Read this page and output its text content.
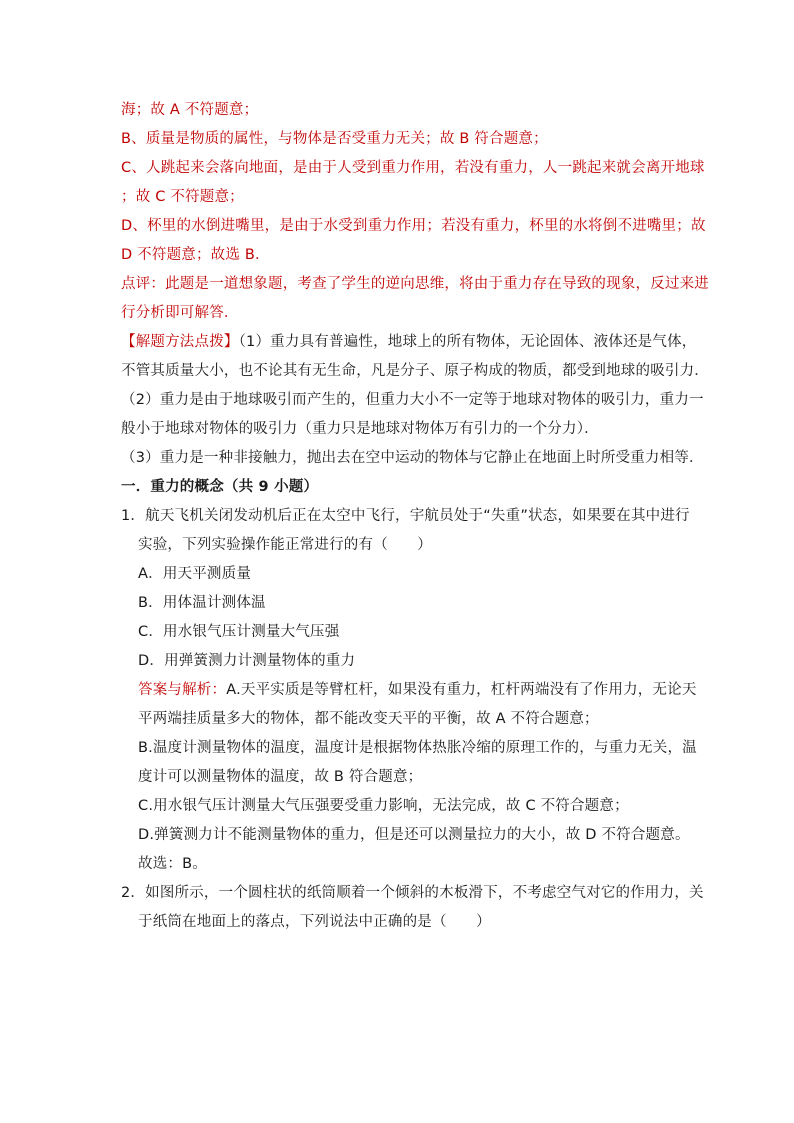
海；故 A 不符题意；
B、质量是物质的属性，与物体是否受重力无关；故 B 符合题意；
C、人跳起来会落向地面，是由于人受到重力作用，若没有重力，人一跳起来就会离开地球
；故 C 不符题意；
D、杯里的水倒进嘴里，是由于水受到重力作用；若没有重力，杯里的水将倒不进嘴里；故
D 不符题意；故选 B．
点评：此题是一道想象题，考查了学生的逆向思维，将由于重力存在导致的现象，反过来进
行分析即可解答．
【解题方法点拨】（1）重力具有普遍性，地球上的所有物体，无论固体、液体还是气体，
不管其质量大小，也不论其有无生命，凡是分子、原子构成的物质，都受到地球的吸引力．
（2）重力是由于地球吸引而产生的，但重力大小不一定等于地球对物体的吸引力，重力一
般小于地球对物体的吸引力（重力只是地球对物体万有引力的一个分力）．
（3）重力是一种非接触力，抛出去在空中运动的物体与它静止在地面上时所受重力相等．
一．重力的概念（共 9 小题）
1．航天飞机关闭发动机后正在太空中飞行，宇航员处于“失重”状态，如果要在其中进行
实验，下列实验操作能正常进行的有（　　）
A．用天平测质量
B．用体温计测体温
C．用水银气压计测量大气压强
D．用弹簧测力计测量物体的重力
答案与解析：A.天平实质是等臂杠杆，如果没有重力，杠杆两端没有了作用力，无论天
平两端挂质量多大的物体，都不能改变天平的平衡，故 A 不符合题意；
B.温度计测量物体的温度，温度计是根据物体热胀冷缩的原理工作的，与重力无关，温
度计可以测量物体的温度，故 B 符合题意；
C.用水银气压计测量大气压强要受重力影响，无法完成，故 C 不符合题意；
D.弹簧测力计不能测量物体的重力，但是还可以测量拉力的大小，故 D 不符合题意。
故选：B。
2．如图所示，一个圆柱状的纸筒顺着一个倾斜的木板滑下，不考虑空气对它的作用力，关
于纸筒在地面上的落点，下列说法中正确的是（　　）
